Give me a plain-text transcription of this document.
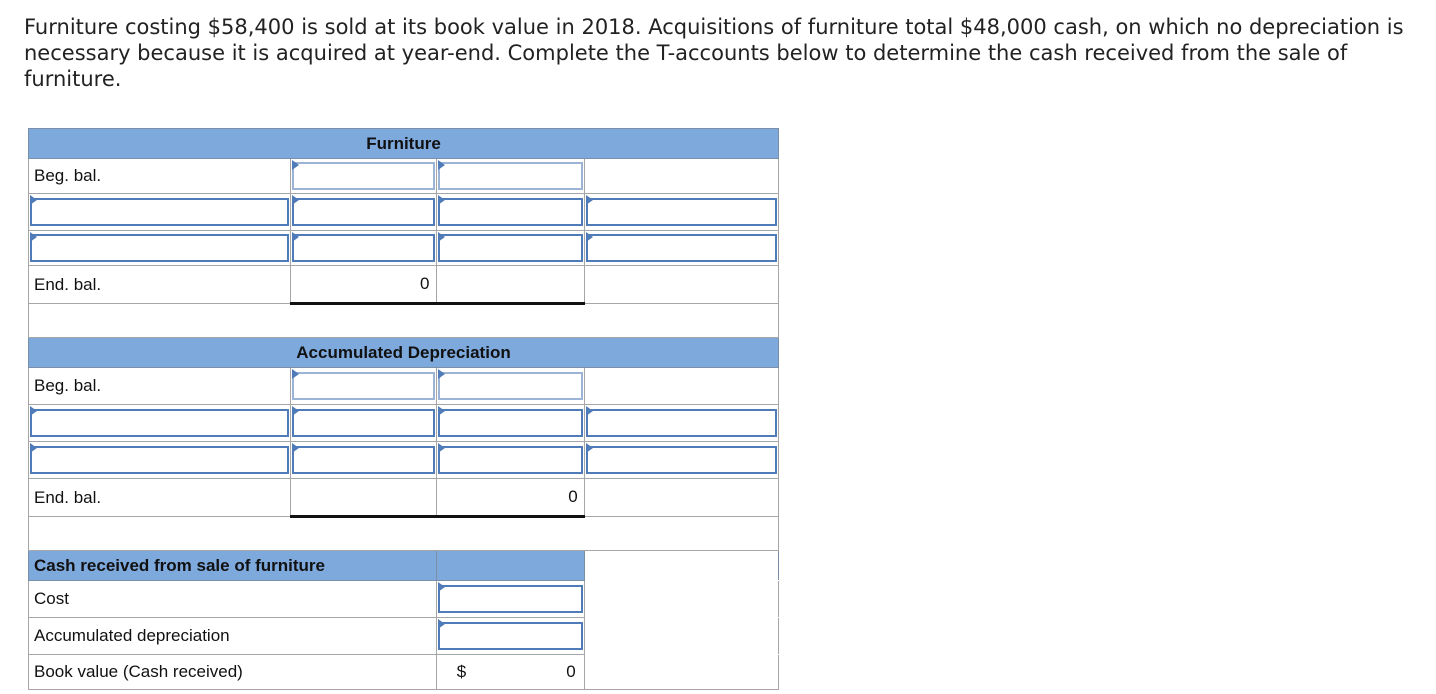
Furniture costing $58,400 is sold at its book value in 2018. Acquisitions of furniture total $48,000 cash, on which no depreciation is necessary because it is acquired at year-end. Complete the T-accounts below to determine the cash received from the sale of furniture.

Furniture			
Beg. bal.	

End. bal.	0		

Accumulated Depreciation			
Beg. bal.	

End. bal.		0	

Cash received from sale of furniture			
Cost	

Accumulated depreciation	

Book value (Cash received)		$ 0	
